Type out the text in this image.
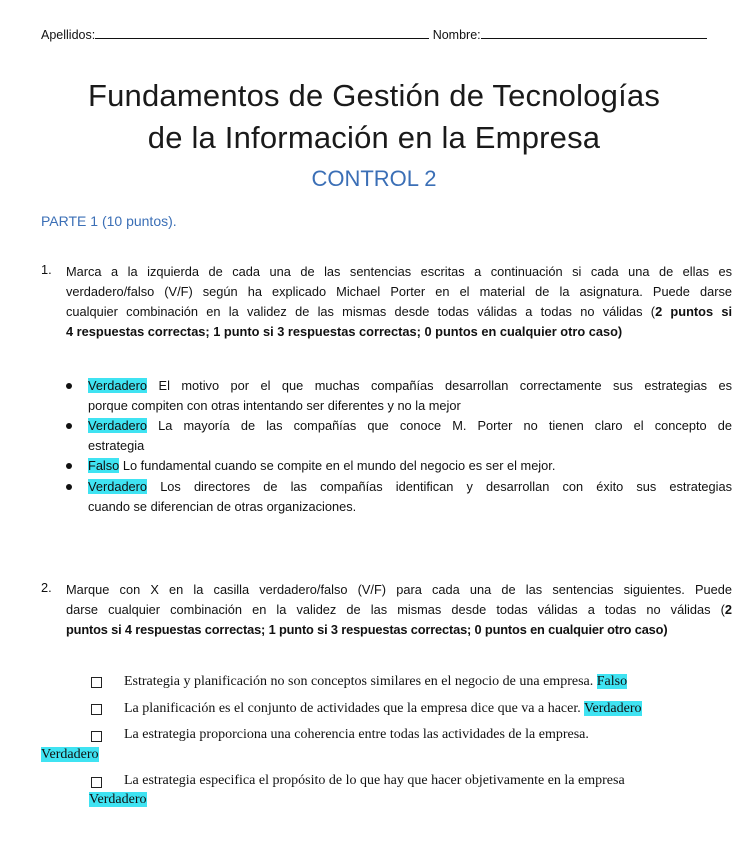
Apellidos:	Nombre:
Fundamentos de Gestión de Tecnologías
de la Información en la Empresa
CONTROL 2
PARTE 1 (10 puntos).
1. Marca a la izquierda de cada una de las sentencias escritas a continuación si cada una de ellas es
verdadero/falso (V/F) según ha explicado Michael Porter en el material de la asignatura. Puede darse
cualquier combinación en la validez de las mismas desde todas válidas a todas no válidas (2 puntos si
4 respuestas correctas; 1 punto si 3 respuestas correctas; 0 puntos en cualquier otro caso)
Verdadero El motivo por el que muchas compañías desarrollan correctamente sus estrategias es
porque compiten con otras intentando ser diferentes y no la mejor
Verdadero La mayoría de las compañías que conoce M. Porter no tienen claro el concepto de
estrategia
Falso Lo fundamental cuando se compite en el mundo del negocio es ser el mejor.
Verdadero Los directores de las compañías identifican y desarrollan con éxito sus estrategias
cuando se diferencian de otras organizaciones.
2. Marque con X en la casilla verdadero/falso (V/F) para cada una de las sentencias siguientes. Puede
darse cualquier combinación en la validez de las mismas desde todas válidas a todas no válidas (2
puntos si 4 respuestas correctas; 1 punto si 3 respuestas correctas; 0 puntos en cualquier otro caso)
Estrategia y planificación no son conceptos similares en el negocio de una empresa. Falso
La planificación es el conjunto de actividades que la empresa dice que va a hacer. Verdadero
La estrategia proporciona una coherencia entre todas las actividades de la empresa.
Verdadero
La estrategia especifica el propósito de lo que hay que hacer objetivamente en la empresa
Verdadero
